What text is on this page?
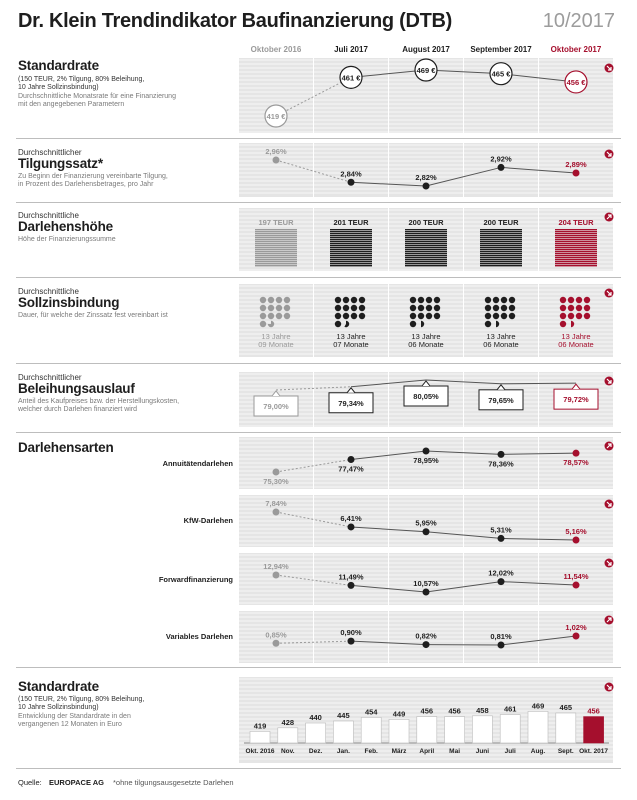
Dr. Klein Trendindikator Baufinanzierung (DTB)	10/2017
Oktober 2016	Juli 2017	August 2017	September 2017	Oktober 2017
Standardrate
(150 TEUR, 2% Tilgung, 80% Beleihung,
10 Jahre Sollzinsbindung)
Durchschnittliche Monatsrate für eine Finanzierung
mit den angegebenen Parametern
Durchschnittlicher
Tilgungssatz*
Zu Beginn der Finanzierung vereinbarte Tilgung,
in Prozent des Darlehensbetrages, pro Jahr
Durchschnittliche
Darlehenshöhe
Höhe der Finanzierungssumme
Durchschnittliche
Sollzinsbindung
Dauer, für welche der Zinssatz fest vereinbart ist
Durchschnittlicher
Beleihungsauslauf
Anteil des Kaufpreises bzw. der Herstellungskosten,
welcher durch Darlehen finanziert wird
Darlehensarten
Annuitätendarlehen
KfW-Darlehen
Forwardfinanzierung
Variables Darlehen
Standardrate
(150 TEUR, 2% Tilgung, 80% Beleihung,
10 Jahre Sollzinsbindung)
Entwicklung der Standardrate in den
vergangenen 12 Monaten in Euro
Quelle: EUROPACE AG *ohne tilgungsausgesetzte Darlehen
419 €
461 €
469 €	465 €
456 €
2,96%
2,84%	2,82%
2,92%
2,89%
197 TEUR	201 TEUR	200 TEUR	200 TEUR	204 TEUR
13 Jahre
09 Monate
13 Jahre
07 Monate
13 Jahre
06 Monate
13 Jahre
06 Monate
13 Jahre
06 Monate
79,00%	79,34%
80,05%	79,65%	79,72%
75,30%
77,47%
78,95%	78,36%	78,57%
7,84%
6,41%
5,95%
5,31%	5,16%
12,94%
11,49%
10,57%
12,02%	11,54%
0,85%	0,90%	0,82%	0,81%
1,02%
419
Okt. 2016
428
Nov.
440
Dez.
445
Jan.
454
Feb.
449
März
456
April
456
Mai
458
Juni
461
Juli
469
Aug.
465
Sept.
456
Okt. 2017
